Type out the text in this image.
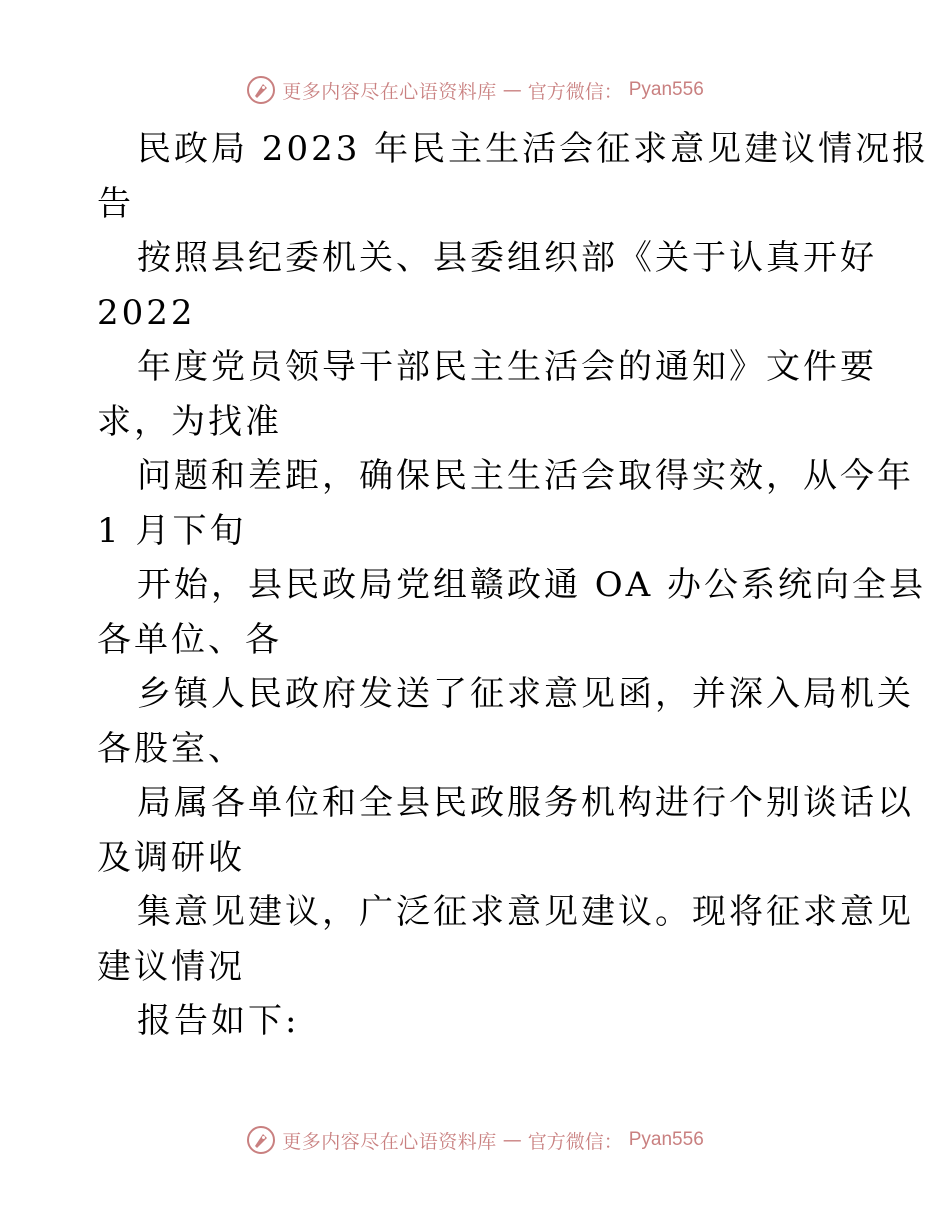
更多内容尽在心语资料库 — 官方微信： Pyan556
民政局 2023 年民主生活会征求意见建议情况报
告
按照县纪委机关、县委组织部《关于认真开好
2022
年度党员领导干部民主生活会的通知》文件要
求，为找准
问题和差距，确保民主生活会取得实效，从今年
1 月下旬
开始，县民政局党组赣政通 OA 办公系统向全县
各单位、各
乡镇人民政府发送了征求意见函，并深入局机关
各股室、
局属各单位和全县民政服务机构进行个别谈话以
及调研收
集意见建议，广泛征求意见建议。现将征求意见
建议情况
报告如下:
更多内容尽在心语资料库 — 官方微信： Pyan556
